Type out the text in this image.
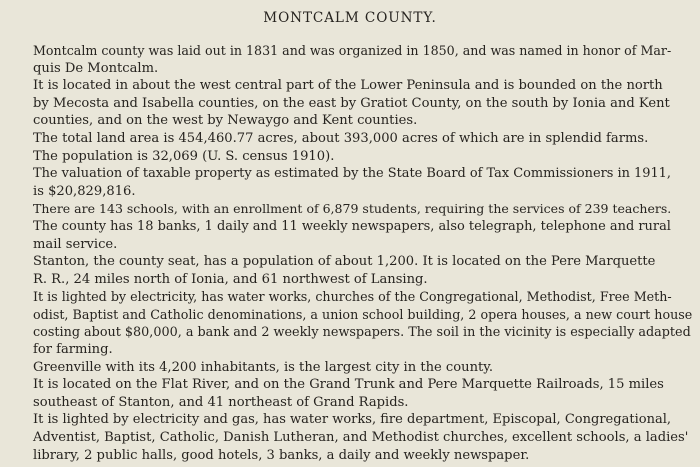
MONTCALM COUNTY.

Montcalm county was laid out in 1831 and was organized in 1850, and was named in honor of Mar-
quis De Montcalm.

It is located in about the west central part of the Lower Peninsula and is bounded on the north
by Mecosta and Isabella counties, on the east by Gratiot County, on the south by Ionia and Kent
counties, and on the west by Newaygo and Kent counties.

The total land area is 454,460.77 acres, about 393,000 acres of which are in splendid farms.

The population is 32,069 (U. S. census 1910).

The valuation of taxable property as estimated by the State Board of Tax Commissioners in 1911,
is $20,829,816.

There are 143 schools, with an enrollment of 6,879 students, requiring the services of 239 teachers.

The county has 18 banks, 1 daily and 11 weekly newspapers, also telegraph, telephone and rural
mail service.

Stanton, the county seat, has a population of about 1,200. It is located on the Pere Marquette
R. R., 24 miles north of Ionia, and 61 northwest of Lansing.

It is lighted by electricity, has water works, churches of the Congregational, Methodist, Free Meth-
odist, Baptist and Catholic denominations, a union school building, 2 opera houses, a new court house
costing about $80,000, a bank and 2 weekly newspapers. The soil in the vicinity is especially adapted
for farming.

Greenville with its 4,200 inhabitants, is the largest city in the county.

It is located on the Flat River, and on the Grand Trunk and Pere Marquette Railroads, 15 miles
southeast of Stanton, and 41 northeast of Grand Rapids.

It is lighted by electricity and gas, has water works, fire department, Episcopal, Congregational,
Adventist, Baptist, Catholic, Danish Lutheran, and Methodist churches, excellent schools, a ladies'
library, 2 public halls, good hotels, 3 banks, a daily and weekly newspaper.
